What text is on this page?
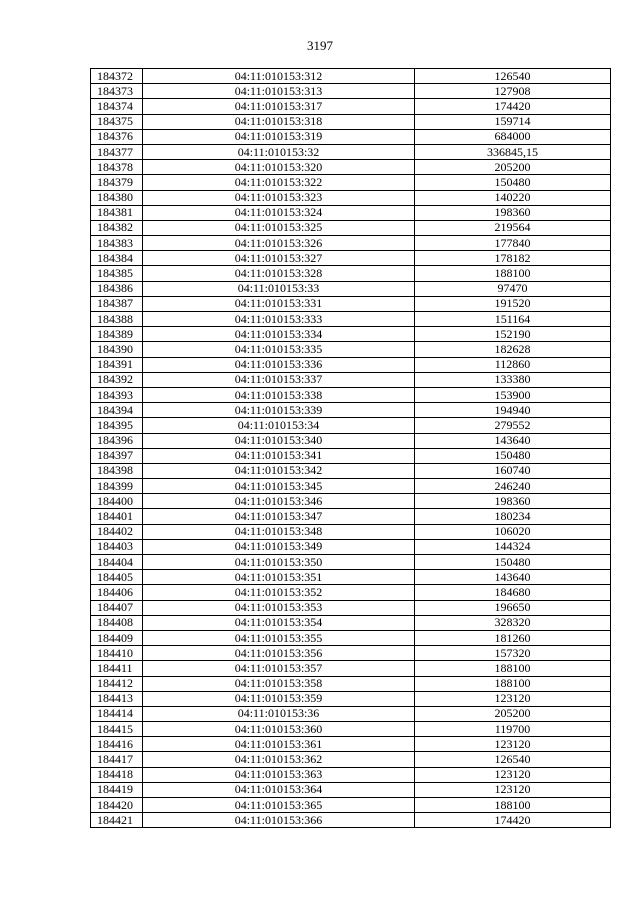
3197
184372	04:11:010153:312	126540
184373	04:11:010153:313	127908
184374	04:11:010153:317	174420
184375	04:11:010153:318	159714
184376	04:11:010153:319	684000
184377	04:11:010153:32	336845,15
184378	04:11:010153:320	205200
184379	04:11:010153:322	150480
184380	04:11:010153:323	140220
184381	04:11:010153:324	198360
184382	04:11:010153:325	219564
184383	04:11:010153:326	177840
184384	04:11:010153:327	178182
184385	04:11:010153:328	188100
184386	04:11:010153:33	97470
184387	04:11:010153:331	191520
184388	04:11:010153:333	151164
184389	04:11:010153:334	152190
184390	04:11:010153:335	182628
184391	04:11:010153:336	112860
184392	04:11:010153:337	133380
184393	04:11:010153:338	153900
184394	04:11:010153:339	194940
184395	04:11:010153:34	279552
184396	04:11:010153:340	143640
184397	04:11:010153:341	150480
184398	04:11:010153:342	160740
184399	04:11:010153:345	246240
184400	04:11:010153:346	198360
184401	04:11:010153:347	180234
184402	04:11:010153:348	106020
184403	04:11:010153:349	144324
184404	04:11:010153:350	150480
184405	04:11:010153:351	143640
184406	04:11:010153:352	184680
184407	04:11:010153:353	196650
184408	04:11:010153:354	328320
184409	04:11:010153:355	181260
184410	04:11:010153:356	157320
184411	04:11:010153:357	188100
184412	04:11:010153:358	188100
184413	04:11:010153:359	123120
184414	04:11:010153:36	205200
184415	04:11:010153:360	119700
184416	04:11:010153:361	123120
184417	04:11:010153:362	126540
184418	04:11:010153:363	123120
184419	04:11:010153:364	123120
184420	04:11:010153:365	188100
184421	04:11:010153:366	174420
